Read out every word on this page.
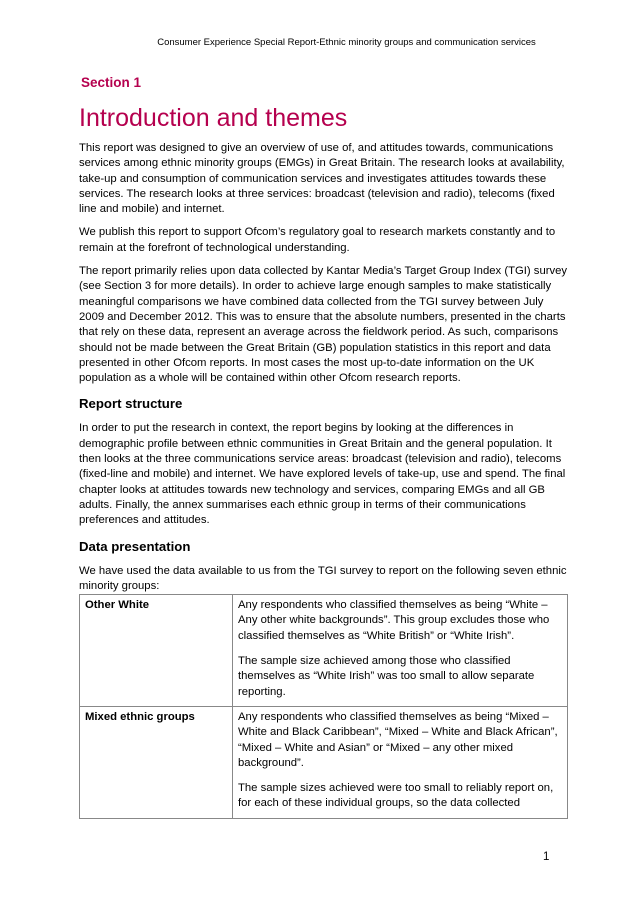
Consumer Experience Special Report-Ethnic minority groups and communication services
Section 1
Introduction and themes

This report was designed to give an overview of use of, and attitudes towards, communications services among ethnic minority groups (EMGs) in Great Britain. The research looks at availability, take-up and consumption of communication services and investigates attitudes towards these services. The research looks at three services: broadcast (television and radio), telecoms (fixed line and mobile) and internet.

We publish this report to support Ofcom’s regulatory goal to research markets constantly and to remain at the forefront of technological understanding.

The report primarily relies upon data collected by Kantar Media’s Target Group Index (TGI) survey (see Section 3 for more details). In order to achieve large enough samples to make statistically meaningful comparisons we have combined data collected from the TGI survey between July 2009 and December 2012. This was to ensure that the absolute numbers, presented in the charts that rely on these data, represent an average across the fieldwork period. As such, comparisons should not be made between the Great Britain (GB) population statistics in this report and data presented in other Ofcom reports. In most cases the most up-to-date information on the UK population as a whole will be contained within other Ofcom research reports.

Report structure

In order to put the research in context, the report begins by looking at the differences in demographic profile between ethnic communities in Great Britain and the general population. It then looks at the three communications service areas: broadcast (television and radio), telecoms (fixed-line and mobile) and internet. We have explored levels of take-up, use and spend. The final chapter looks at attitudes towards new technology and services, comparing EMGs and all GB adults. Finally, the annex summarises each ethnic group in terms of their communications preferences and attitudes.

Data presentation

We have used the data available to us from the TGI survey to report on the following seven ethnic minority groups:

Other White	Any respondents who classified themselves as being “White – Any other white backgrounds”. This group excludes those who classified themselves as “White British” or “White Irish”.

The sample size achieved among those who classified themselves as “White Irish” was too small to allow separate reporting.

Mixed ethnic groups	Any respondents who classified themselves as being “Mixed – White and Black Caribbean”, “Mixed – White and Black African”, “Mixed – White and Asian” or “Mixed – any other mixed background”.

The sample sizes achieved were too small to reliably report on, for each of these individual groups, so the data collected

1
